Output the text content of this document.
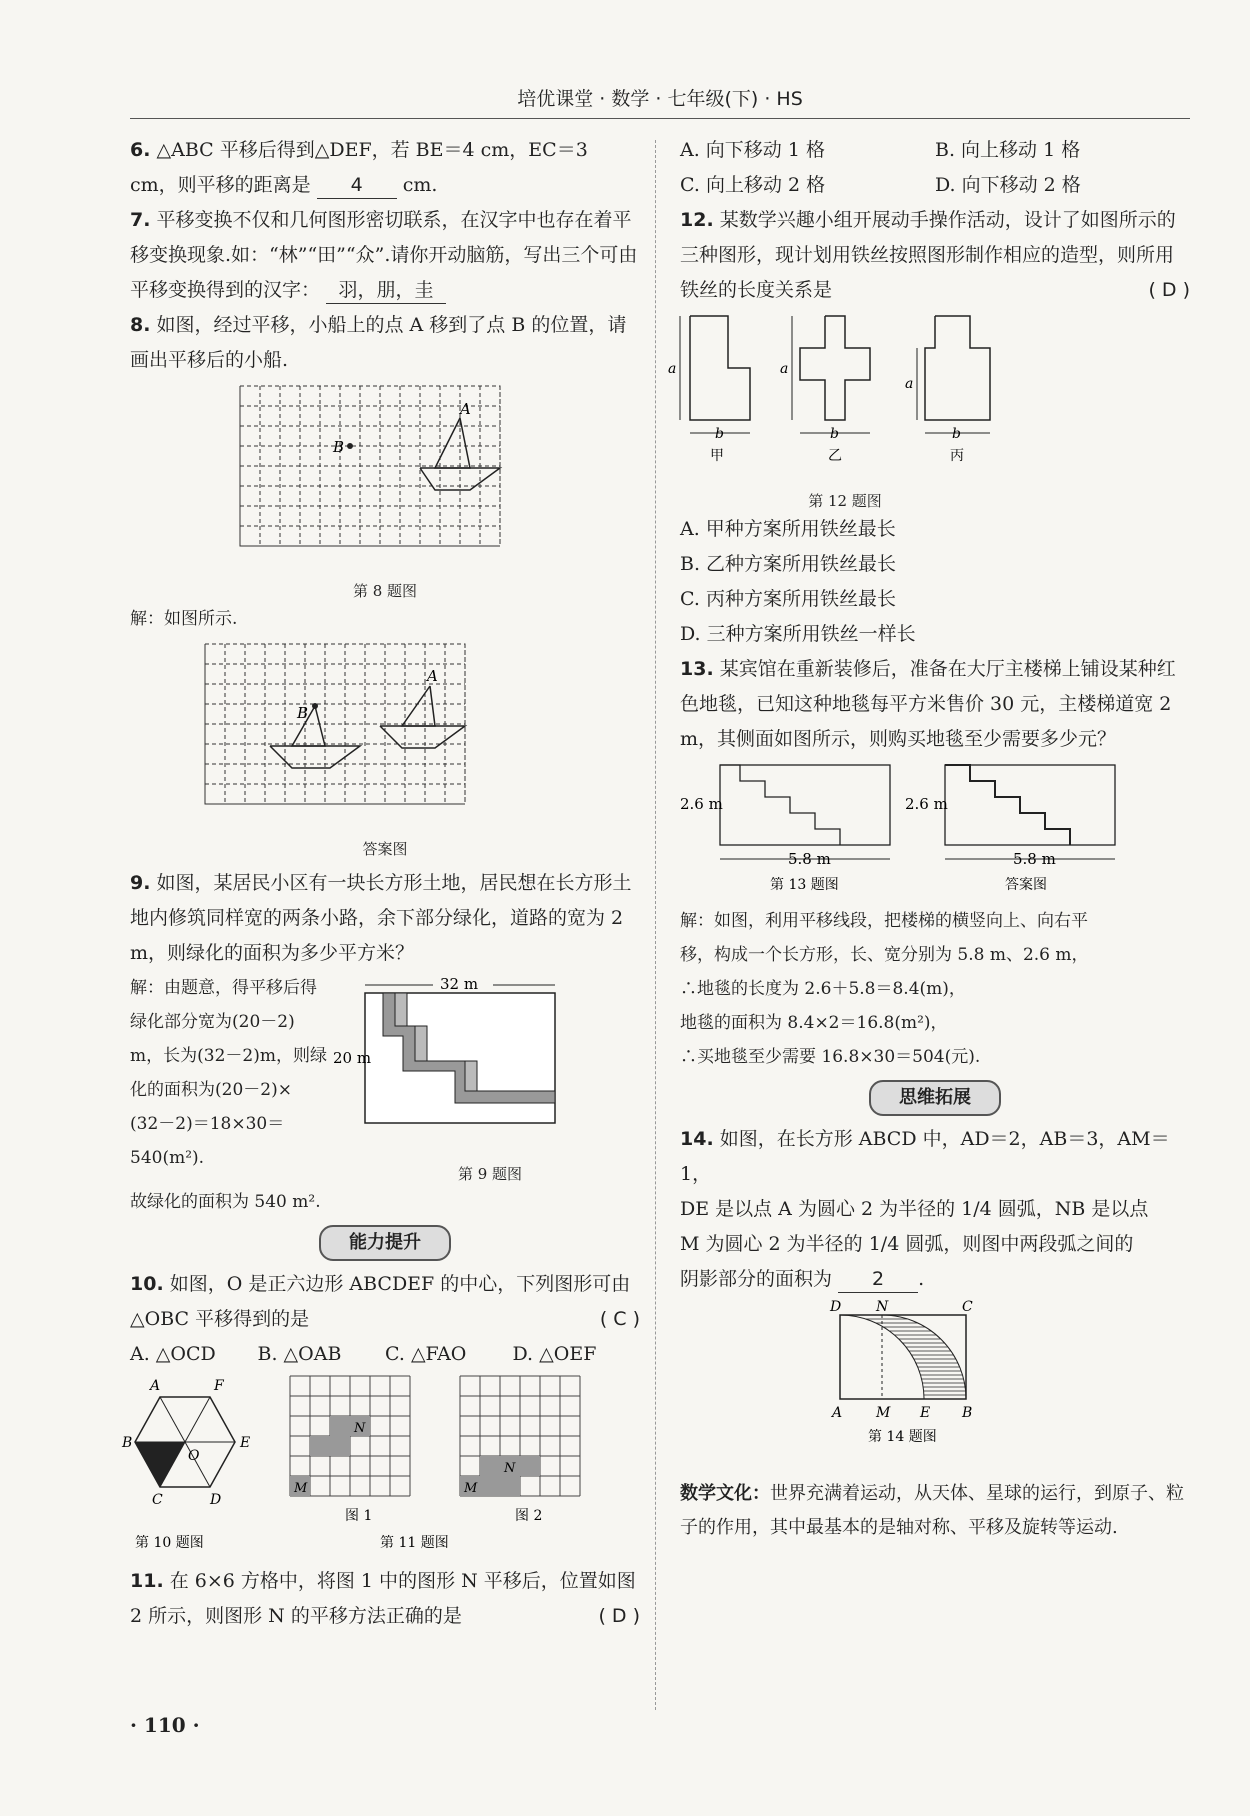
培优课堂 · 数学 · 七年级(下) · HS

6. △ABC 平移后得到△DEF，若 BE＝4 cm，EC＝3 cm，则平移的距离是 4 cm.

7. 平移变换不仅和几何图形密切联系，在汉字中也存在着平移变换现象.如：“林”“田”“众”.请你开动脑筋，写出三个可由平移变换得到的汉字： 羽，朋，圭

8. 如图，经过平移，小船上的点 A 移到了点 B 的位置，请画出平移后的小船.

A
B
第 8 题图

解：如图所示.

A
B
答案图

9. 如图，某居民小区有一块长方形土地，居民想在长方形土地内修筑同样宽的两条小路，余下部分绿化，道路的宽为 2 m，则绿化的面积为多少平方米？

解：由题意，得平移后得

绿化部分宽为(20－2)

m，长为(32－2)m，则绿

化的面积为(20－2)×

(32－2)＝18×30＝

540(m²).

32 m
20 m
第 9 题图

故绿化的面积为 540 m².

能力提升

10. 如图，O 是正六边形 ABCDEF 的中心，下列图形可由△OBC 平移得到的是	( C )

A. △OCD	B. △OAB	C. △FAO	D. △OEF
A	F
B	E
C	D
O
N
M
N
M
图 1	图 2
第 10 题图	第 11 题图

11. 在 6×6 方格中，将图 1 中的图形 N 平移后，位置如图 2 所示，则图形 N 的平移方法正确的是	( D )

A. 向下移动 1 格	B. 向上移动 1 格
C. 向上移动 2 格	D. 向下移动 2 格

12. 某数学兴趣小组开展动手操作活动，设计了如图所示的三种图形，现计划用铁丝按照图形制作相应的造型，则所用铁丝的长度关系是	( D )

a	a
a
b	b	b
甲	乙	丙
第 12 题图

A. 甲种方案所用铁丝最长

B. 乙种方案所用铁丝最长

C. 丙种方案所用铁丝最长

D. 三种方案所用铁丝一样长

13. 某宾馆在重新装修后，准备在大厅主楼梯上铺设某种红色地毯，已知这种地毯每平方米售价 30 元，主楼梯道宽 2 m，其侧面如图所示，则购买地毯至少需要多少元？

2.6 m	2.6 m
5.8 m	5.8 m
第 13 题图	答案图

解：如图，利用平移线段，把楼梯的横竖向上、向右平

移，构成一个长方形，长、宽分别为 5.8 m、2.6 m，

∴地毯的长度为 2.6＋5.8＝8.4(m)，

地毯的面积为 8.4×2＝16.8(m²)，

∴买地毯至少需要 16.8×30＝504(元).

思维拓展

14. 如图，在长方形 ABCD 中，AD＝2，AB＝3，AM＝1，
DE 是以点 A 为圆心 2 为半径的 1/4 圆弧，NB 是以点
M 为圆心 2 为半径的 1/4 圆弧，则图中两段弧之间的
阴影部分的面积为 2 .

D N	C
A M E B
第 14 题图
数学文化：世界充满着运动，从天体、星球的运行，到原子、粒子的作用，其中最基本的是轴对称、平移及旋转等运动.
· 110 ·
